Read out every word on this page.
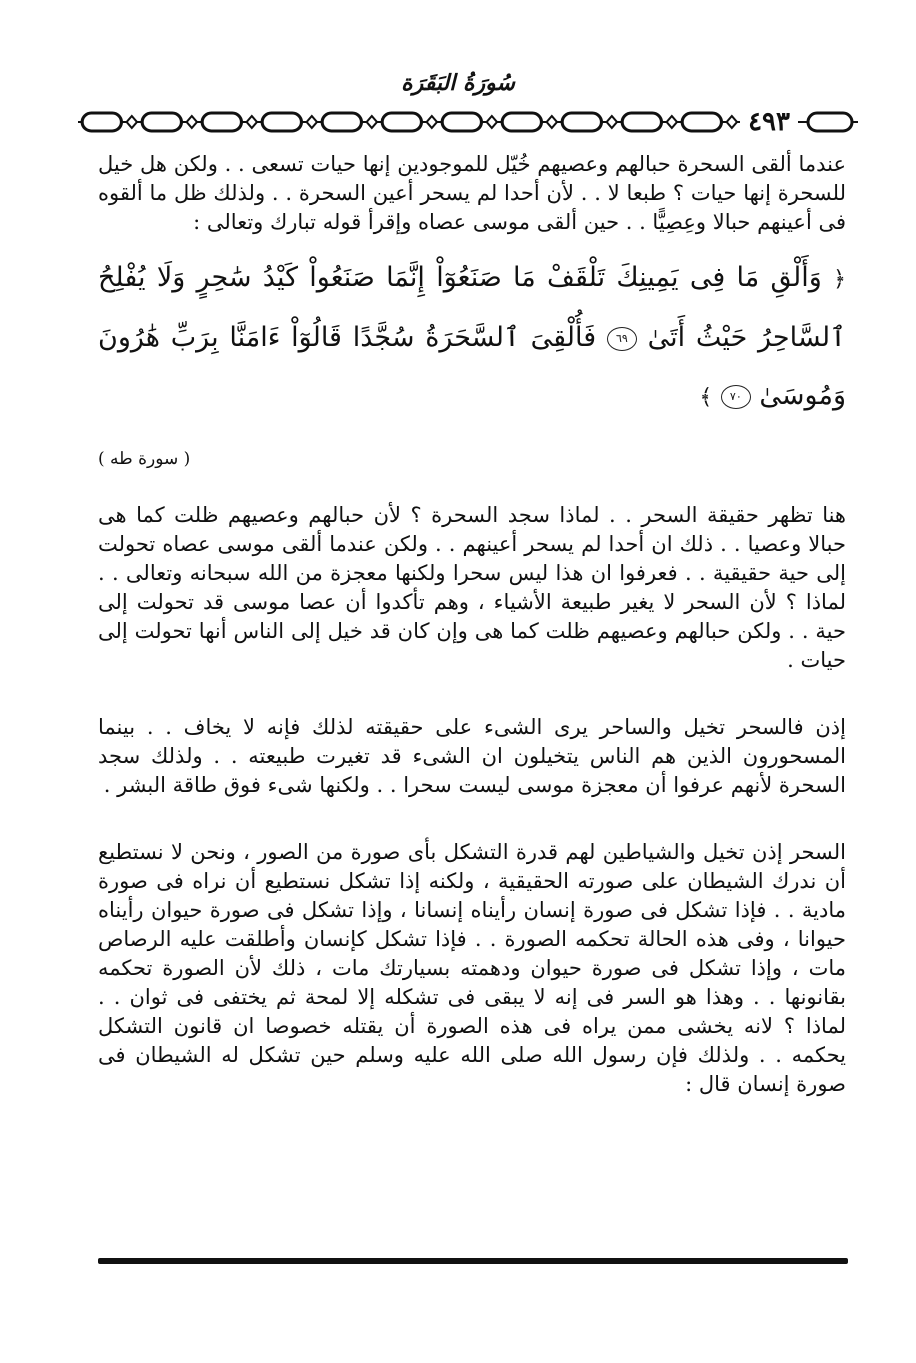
سُورَةُ البَقَرَة
٤٩٣

عندما ألقى السحرة حبالهم وعصيهم خُيّل للموجودين إنها حيات تسعى . . ولكن هل خيل للسحرة إنها حيات ؟ طبعا لا . . لأن أحدا لم يسحر أعين السحرة . . ولذلك ظل ما ألقوه فى أعينهم حبالا وعِصِيًّا . . حين ألقى موسى عصاه وإقرأ قوله تبارك وتعالى :

﴿ وَأَلْقِ مَا فِى يَمِينِكَ تَلْقَفْ مَا صَنَعُوٓاْ إِنَّمَا صَنَعُواْ كَيْدُ سَٰحِرٍ وَلَا يُفْلِحُ ٱلسَّاحِرُ حَيْثُ أَتَىٰ ٦٩ فَأُلْقِىَ ٱلسَّحَرَةُ سُجَّدًا قَالُوٓاْ ءَامَنَّا بِرَبِّ هَٰرُونَ وَمُوسَىٰ ٧٠ ﴾
( سورة طه )

هنا تظهر حقيقة السحر . . لماذا سجد السحرة ؟ لأن حبالهم وعصيهم ظلت كما هى حبالا وعصيا . . ذلك ان أحدا لم يسحر أعينهم . . ولكن عندما ألقى موسى عصاه تحولت إلى حية حقيقية . . فعرفوا ان هذا ليس سحرا ولكنها معجزة من الله سبحانه وتعالى . . لماذا ؟ لأن السحر لا يغير طبيعة الأشياء ، وهم تأكدوا أن عصا موسى قد تحولت إلى حية . . ولكن حبالهم وعصيهم ظلت كما هى وإن كان قد خيل إلى الناس أنها تحولت إلى حيات .

إذن فالسحر تخيل والساحر يرى الشىء على حقيقته لذلك فإنه لا يخاف . . بينما المسحورون الذين هم الناس يتخيلون ان الشىء قد تغيرت طبيعته . . ولذلك سجد السحرة لأنهم عرفوا أن معجزة موسى ليست سحرا . . ولكنها شىء فوق طاقة البشر .

السحر إذن تخيل والشياطين لهم قدرة التشكل بأى صورة من الصور ، ونحن لا نستطيع أن ندرك الشيطان على صورته الحقيقية ، ولكنه إذا تشكل نستطيع أن نراه فى صورة مادية . . فإذا تشكل فى صورة إنسان رأيناه إنسانا ، وإذا تشكل فى صورة حيوان رأيناه حيوانا ، وفى هذه الحالة تحكمه الصورة . . فإذا تشكل كإنسان وأطلقت عليه الرصاص مات ، وإذا تشكل فى صورة حيوان ودهمته بسيارتك مات ، ذلك لأن الصورة تحكمه بقانونها . . وهذا هو السر فى إنه لا يبقى فى تشكله إلا لمحة ثم يختفى فى ثوان . . لماذا ؟ لانه يخشى ممن يراه فى هذه الصورة أن يقتله خصوصا ان قانون التشكل يحكمه . . ولذلك فإن رسول الله صلى الله عليه وسلم حين تشكل له الشيطان فى صورة إنسان قال :
